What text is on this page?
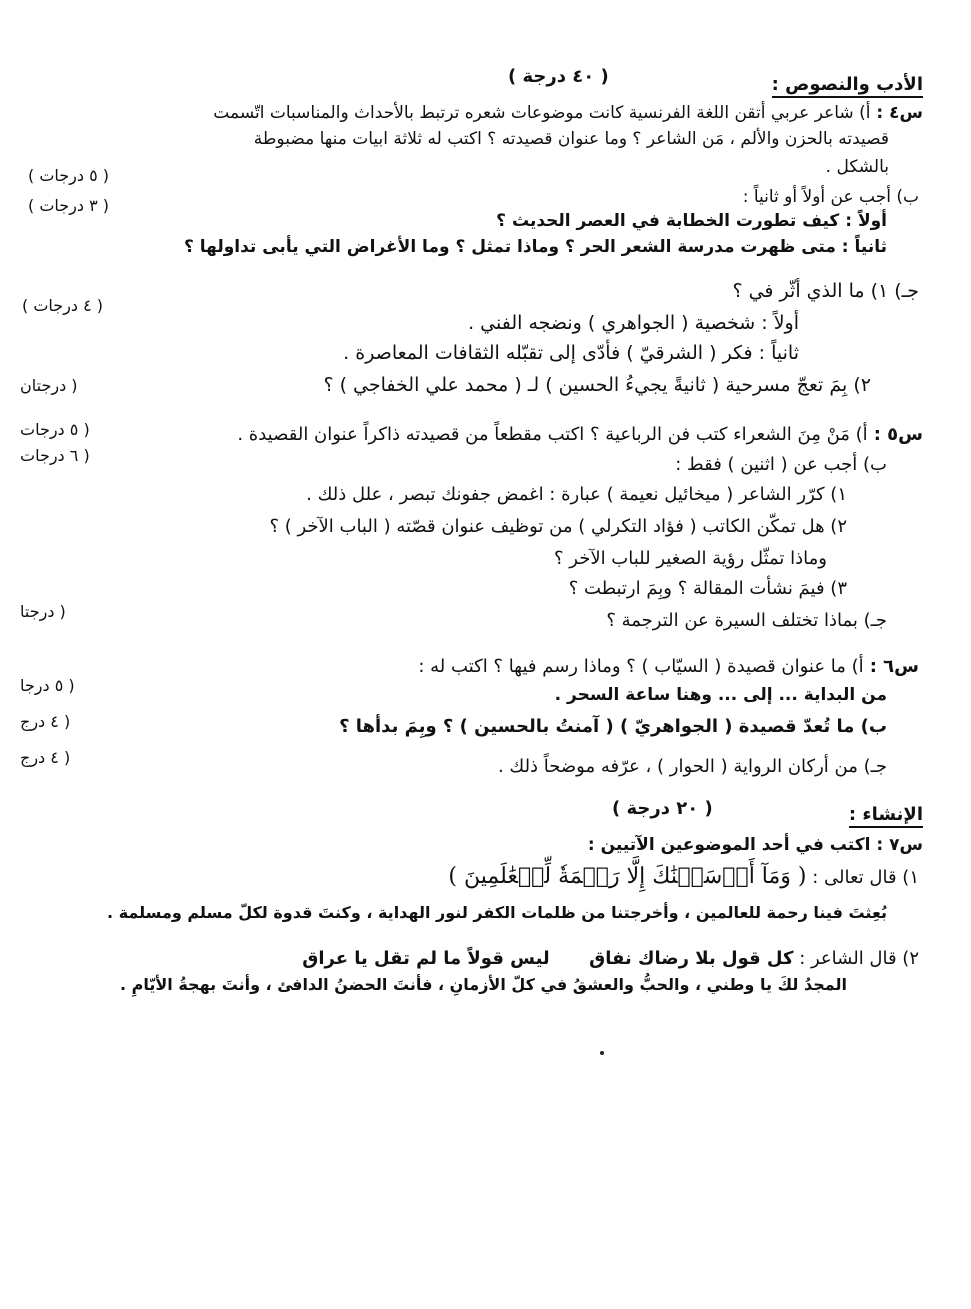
الأدب والنصوص :
( ٤٠ درجة )
س٤ :أ) شاعر عربي أتقن اللغة الفرنسية كانت موضوعات شعره ترتبط بالأحداث والمناسبات اتّسمت
قصيدته بالحزن والألم ، مَن الشاعر ؟ وما عنوان قصيدته ؟ اكتب له ثلاثة ابيات منها مضبوطة
بالشكل .
ب) أجب عن أولاً أو ثانياً :
أولاً : كيف تطورت الخطابة في العصر الحديث ؟
ثانياً : متى ظهرت مدرسة الشعر الحر ؟ وماذا تمثل ؟ وما الأغراض التي يأبى تداولها ؟
جـ) ١) ما الذي أثّر في ؟
أولاً : شخصية ( الجواهري ) ونضجه الفني .
ثانياً : فكر ( الشرقيّ ) فأدّى إلى تقبّله الثقافات المعاصرة .
٢) بِمَ تعجّ مسرحية ( ثانيةً يجيءُ الحسين ) لـ ( محمد علي الخفاجي ) ؟
( ٥ درجات )
( ٣ درجات )
( ٤ درجات )
( درجتان
س٥ :أ) مَنْ مِنَ الشعراء كتب فن الرباعية ؟ اكتب مقطعاً من قصيدته ذاكراً عنوان القصيدة .
ب) أجب عن ( اثنين ) فقط :
١) كرّر الشاعر ( ميخائيل نعيمة ) عبارة : اغمض جفونك تبصر ، علل ذلك .
٢) هل تمكّن الكاتب ( فؤاد التكرلي ) من توظيف عنوان قصّته ( الباب الآخر ) ؟
وماذا تمثّل رؤية الصغير للباب الآخر ؟
٣) فيمَ نشأت المقالة ؟ وبِمَ ارتبطت ؟
جـ) بماذا تختلف السيرة عن الترجمة ؟
( ٥ درجات
( ٦ درجات
( درجتا
س٦ :أ) ما عنوان قصيدة ( السيّاب ) ؟ وماذا رسم فيها ؟ اكتب له :
من البداية ... إلى ... وهنا ساعة السحر .
ب) ما تُعدّ قصيدة ( الجواهريّ ) ( آمنتُ بالحسين ) ؟ وبِمَ بدأها ؟
جـ) من أركان الرواية ( الحوار ) ، عرّفه موضحاً ذلك .
( ٥ درجا
( ٤ درج
( ٤ درج
الإنشاء :
( ٢٠ درجة )
س٧ :اكتب في أحد الموضوعين الآتيين :
١) قال تعالى : ( وَمَآ أَرۡسَلۡنَٰكَ إِلَّا رَحۡمَةٗ لِّلۡعَٰلَمِينَ )
بُعِثتَ فينا رحمة للعالمين ، وأخرجتنا من ظلمات الكفر لنور الهداية ، وكنتَ قدوة لكلّ مسلم ومسلمة .
٢) قال الشاعر : كل قول بلا رضاك نفاق  ليس قولاً ما لم تقل يا عراق
المجدُ لكَ يا وطني ، والحبُّ والعشقُ في كلّ الأزمانِ ، فأنتَ الحضنُ الدافئ ، وأنتَ بهجةُ الأيّامِ .
